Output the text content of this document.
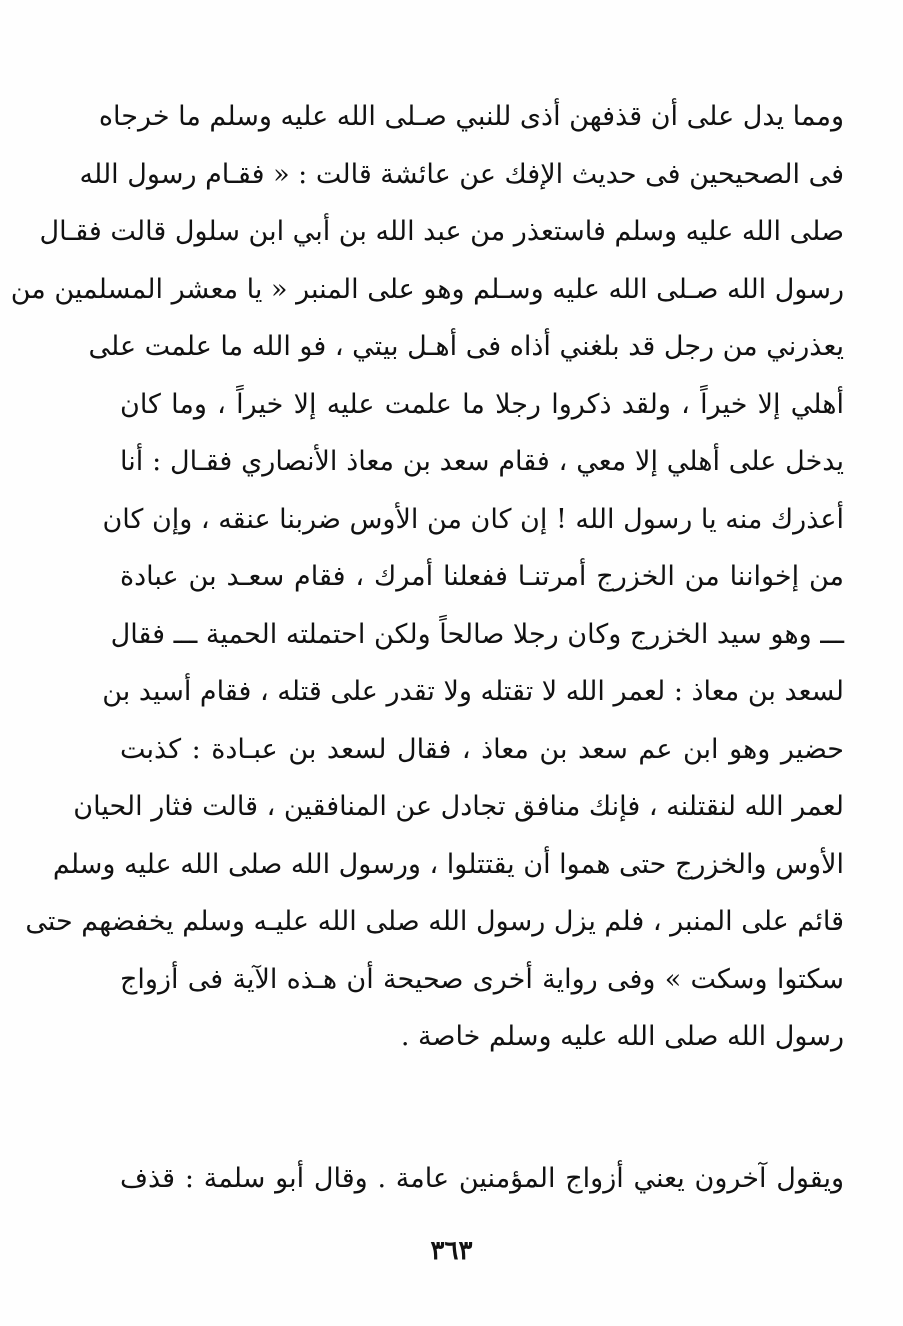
ومما يدل على أن قذفهن أذى للنبي صـلى الله عليه وسلم ما خرجاه
فى الصحيحين فى حديث الإفك عن عائشة قالت : « فقـام رسول الله
صلى الله عليه وسلم فاستعذر من عبد الله بن أبي ابن سلول قالت فقـال
رسول الله صـلى الله عليه وسـلم وهو على المنبر « يا معشر المسلمين من
يعذرني من رجل قد بلغني أذاه فى أهـل بيتي ، فو الله ما علمت على
أهلي إلا خيراً ، ولقد ذكروا رجلا ما علمت عليه إلا خيراً ، وما كان
يدخل على أهلي إلا معي ، فقام سعد بن معاذ الأنصاري فقـال : أنا
أعذرك منه يا رسول الله ! إن كان من الأوس ضربنا عنقه ، وإن كان
من إخواننا من الخزرج أمرتنـا ففعلنا أمرك ، فقام سعـد بن عبادة
ـــ وهو سيد الخزرج وكان رجلا صالحاً ولكن احتملته الحمية ـــ فقال
لسعد بن معاذ : لعمر الله لا تقتله ولا تقدر على قتله ، فقام أسيد بن
حضير وهو ابن عم سعد بن معاذ ، فقال لسعد بن عبـادة : كذبت
لعمر الله لنقتلنه ، فإنك منافق تجادل عن المنافقين ، قالت فثار الحيان
الأوس والخزرج حتى هموا أن يقتتلوا ، ورسول الله صلى الله عليه وسلم
قائم على المنبر ، فلم يزل رسول الله صلى الله عليـه وسلم يخفضهم حتى
سكتوا وسكت » وفى رواية أخرى صحيحة أن هـذه الآية فى أزواج
رسول الله صلى الله عليه وسلم خاصة .
ويقول آخرون يعني أزواج المؤمنين عامة . وقال أبو سلمة : قذف
٣٦٣
